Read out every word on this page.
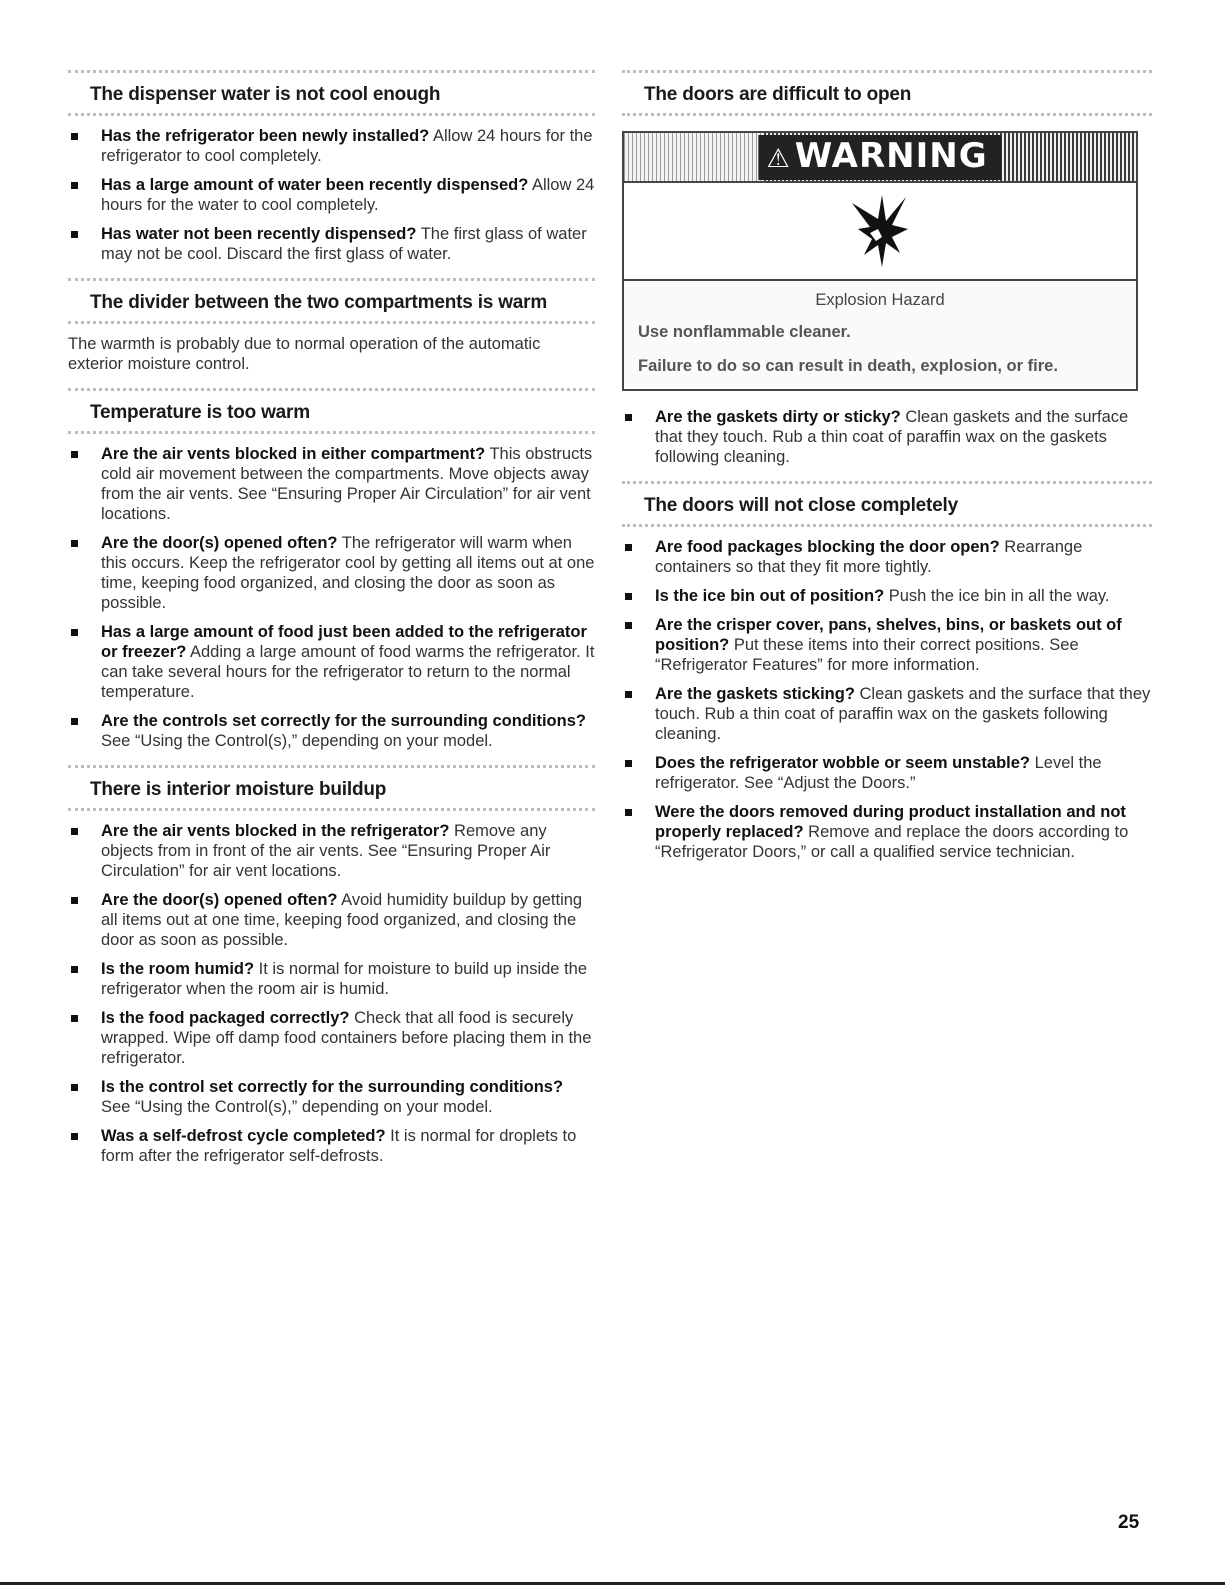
The dispenser water is not cool enough
Has the refrigerator been newly installed? Allow 24 hours for the refrigerator to cool completely.
Has a large amount of water been recently dispensed? Allow 24 hours for the water to cool completely.
Has water not been recently dispensed? The first glass of water may not be cool. Discard the first glass of water.
The divider between the two compartments is warm

The warmth is probably due to normal operation of the automatic exterior moisture control.

Temperature is too warm
Are the air vents blocked in either compartment? This obstructs cold air movement between the compartments. Move objects away from the air vents. See “Ensuring Proper Air Circulation” for air vent locations.
Are the door(s) opened often? The refrigerator will warm when this occurs. Keep the refrigerator cool by getting all items out at one time, keeping food organized, and closing the door as soon as possible.
Has a large amount of food just been added to the refrigerator or freezer? Adding a large amount of food warms the refrigerator. It can take several hours for the refrigerator to return to the normal temperature.
Are the controls set correctly for the surrounding conditions? See “Using the Control(s),” depending on your model.
There is interior moisture buildup
Are the air vents blocked in the refrigerator? Remove any objects from in front of the air vents. See “Ensuring Proper Air Circulation” for air vent locations.
Are the door(s) opened often? Avoid humidity buildup by getting all items out at one time, keeping food organized, and closing the door as soon as possible.
Is the room humid? It is normal for moisture to build up inside the refrigerator when the room air is humid.
Is the food packaged correctly? Check that all food is securely wrapped. Wipe off damp food containers before placing them in the refrigerator.
Is the control set correctly for the surrounding conditions? See “Using the Control(s),” depending on your model.
Was a self-defrost cycle completed? It is normal for droplets to form after the refrigerator self-defrosts.
The doors are difficult to open
⚠ WARNING
Explosion Hazard
Use nonflammable cleaner.
Failure to do so can result in death, explosion, or fire.
Are the gaskets dirty or sticky? Clean gaskets and the surface that they touch. Rub a thin coat of paraffin wax on the gaskets following cleaning.
The doors will not close completely
Are food packages blocking the door open? Rearrange containers so that they fit more tightly.
Is the ice bin out of position? Push the ice bin in all the way.
Are the crisper cover, pans, shelves, bins, or baskets out of position? Put these items into their correct positions. See “Refrigerator Features” for more information.
Are the gaskets sticking? Clean gaskets and the surface that they touch. Rub a thin coat of paraffin wax on the gaskets following cleaning.
Does the refrigerator wobble or seem unstable? Level the refrigerator. See “Adjust the Doors.”
Were the doors removed during product installation and not properly replaced? Remove and replace the doors according to “Refrigerator Doors,” or call a qualified service technician.
25
